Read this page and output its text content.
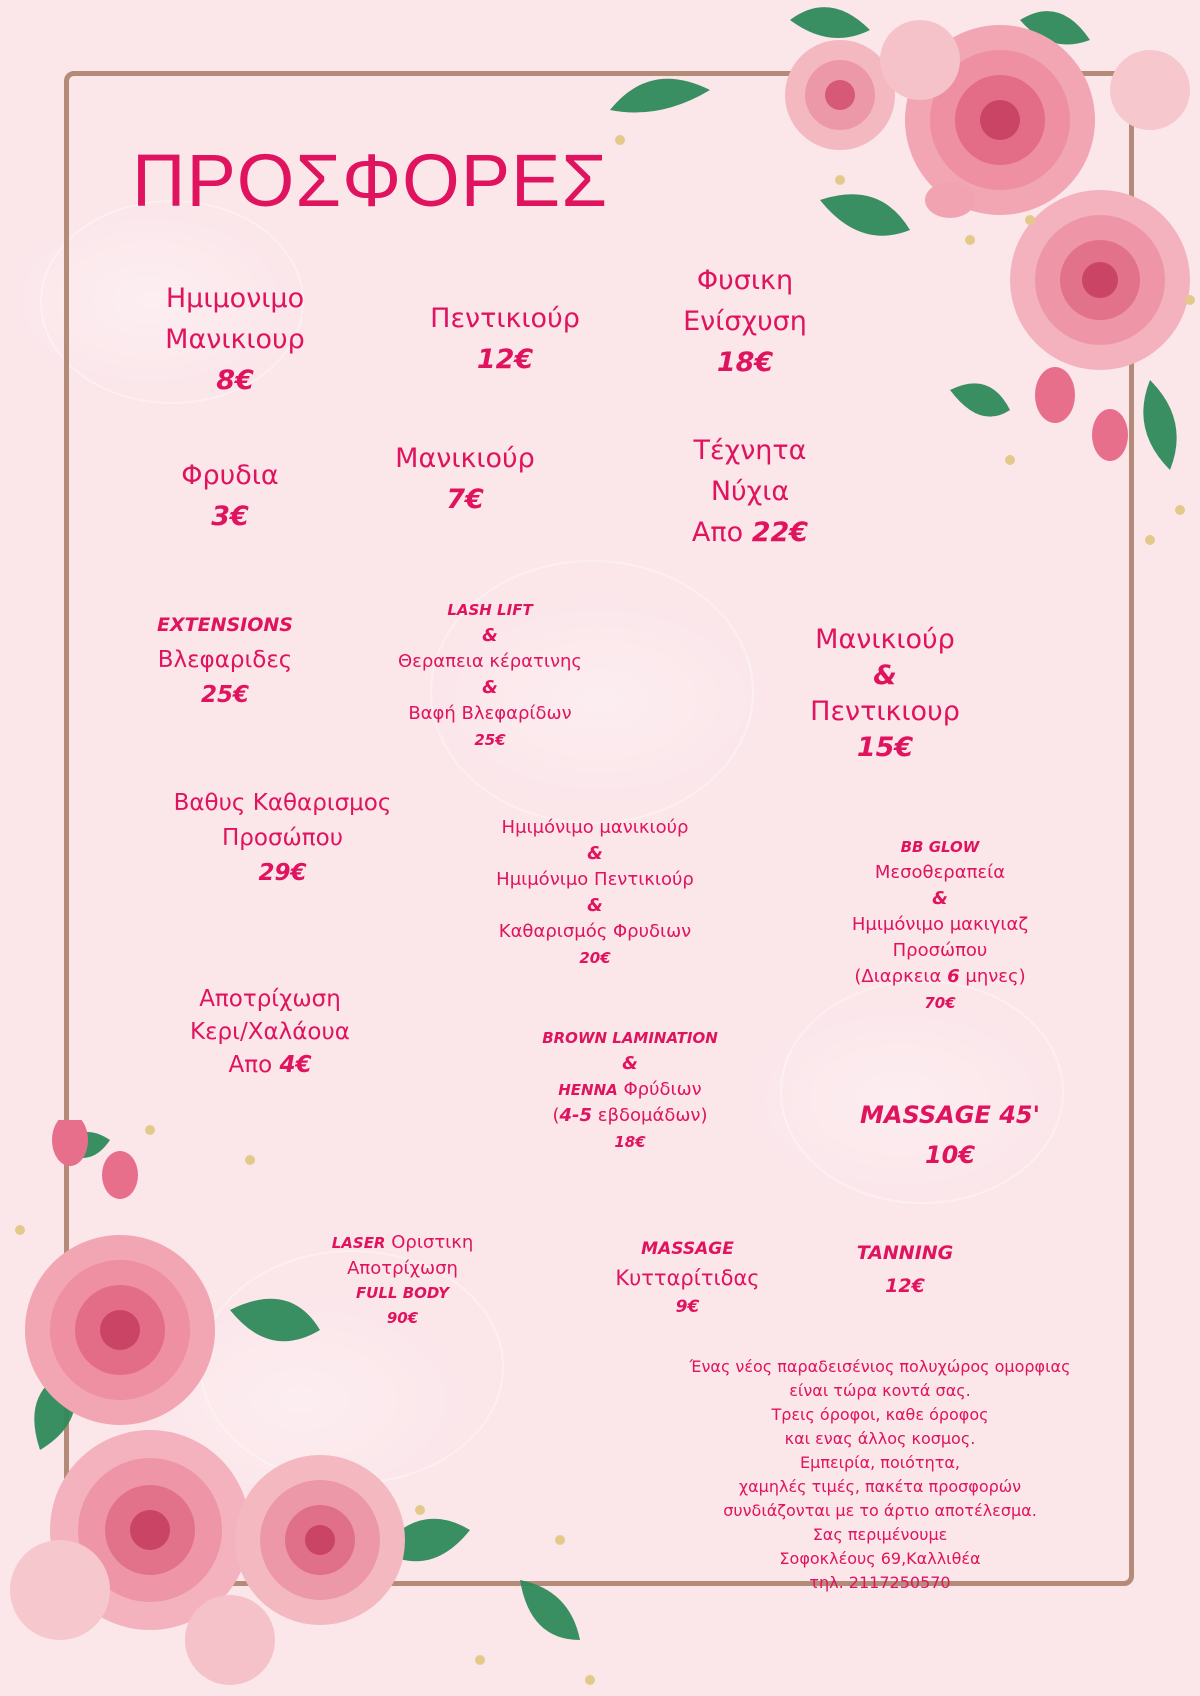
ΠΡΟΣΦΟΡΕΣ
Ημιμονιμο
Μανικιουρ
8€
Πεντικιούρ
12€
Φυσικη
Ενίσχυση
18€
Φρυδια
3€
Μανικιούρ
7€
Τέχνητα
Νύχια
Απο 22€
EXTENSIONS
Βλεφαριδες
25€
LASH LIFT
&
Θεραπεια κέρατινης
&
Βαφή Βλεφαρίδων
25€
Μανικιούρ
&
Πεντικιουρ
15€
Βαθυς Καθαρισμος
Προσώπου
29€
Ημιμόνιμο μανικιούρ
&
Ημιμόνιμο Πεντικιούρ
&
Καθαρισμός Φρυδιων
20€
BB GLOW
Μεσοθεραπεία
&
Ημιμόνιμο μακιγιαζ
Προσώπου
(Διαρκεια 6 μηνες)
70€
Αποτρίχωση
Κερι/Χαλάουα
Απο 4€
BROWN LAMINATION
&
HENNA Φρύδιων
(4-5 εβδομάδων)
18€
MASSAGE 45'
10€
LASER Οριστικη
Αποτρίχωση
FULL BODY
90€
MASSAGE
Κυτταρίτιδας
9€
TANNING
12€
Ένας νέος παραδεισένιος πολυχώρος ομορφιας
είναι τώρα κοντά σας.
Τρεις όροφοι, καθε όροφος
και ενας άλλος κοσμος.
Εμπειρία, ποιότητα,
χαμηλές τιμές, πακέτα προσφορών
συνδιάζονται με το άρτιο αποτέλεσμα.
Σας περιμένουμε
Σοφοκλέους 69,Καλλιθέα
τηλ. 2117250570
